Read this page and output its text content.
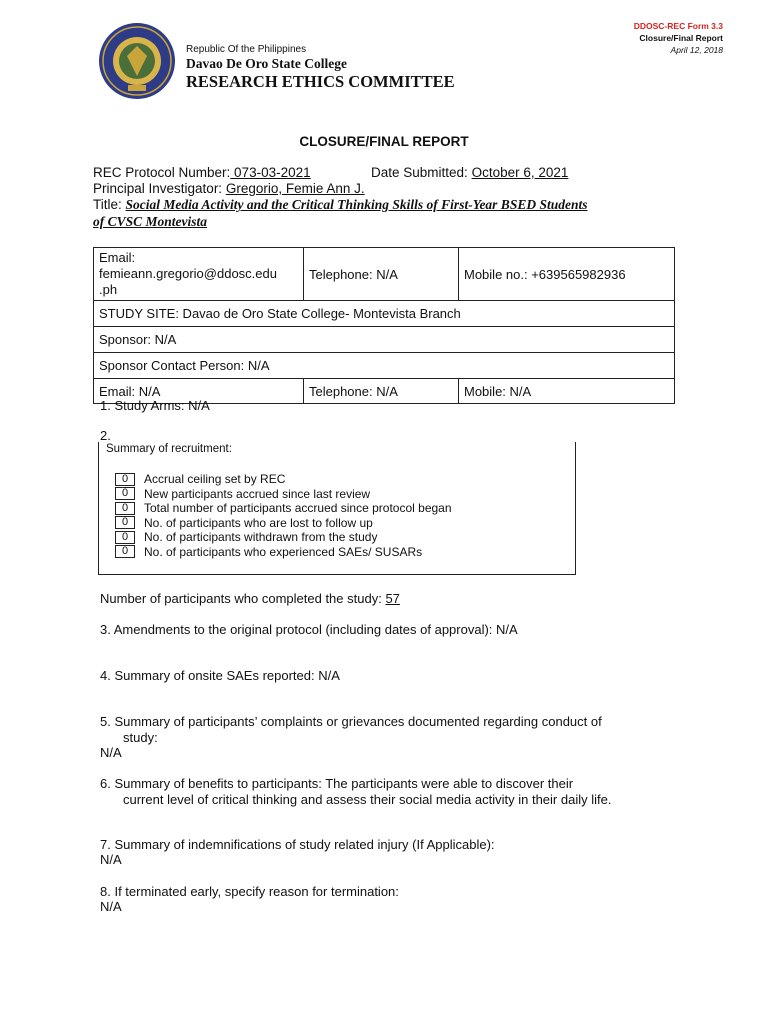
Republic Of the Philippines
Davao De Oro State College
RESEARCH ETHICS COMMITTEE
DDOSC-REC Form 3.3
Closure/Final Report
April 12, 2018
CLOSURE/FINAL REPORT
REC Protocol Number: 073-03-2021	Date Submitted: October 6, 2021
Principal Investigator: Gregorio, Femie Ann J.
Title: Social Media Activity and the Critical Thinking Skills of First-Year BSED Students
of CVSC Montevista
Email:
femieann.gregorio@ddosc.edu
.ph	Telephone: N/A	Mobile no.: +639565982936
STUDY SITE: Davao de Oro State College- Montevista Branch		
Sponsor: N/A		
Sponsor Contact Person: N/A		
Email: N/A	Telephone: N/A	Mobile: N/A
1. Study Arms: N/A
2.
Summary of recruitment:
0	Accrual ceiling set by REC
0	New participants accrued since last review
0	Total number of participants accrued since protocol began
0	No. of participants who are lost to follow up
0	No. of participants withdrawn from the study
0	No. of participants who experienced SAEs/ SUSARs
Number of participants who completed the study: 57
3. Amendments to the original protocol (including dates of approval): N/A
4. Summary of onsite SAEs reported: N/A
5. Summary of participants’ complaints or grievances documented regarding conduct of
study:
N/A
6. Summary of benefits to participants: The participants were able to discover their
current level of critical thinking and assess their social media activity in their daily life.
7. Summary of indemnifications of study related injury (If Applicable):
N/A
8. If terminated early, specify reason for termination:
N/A
